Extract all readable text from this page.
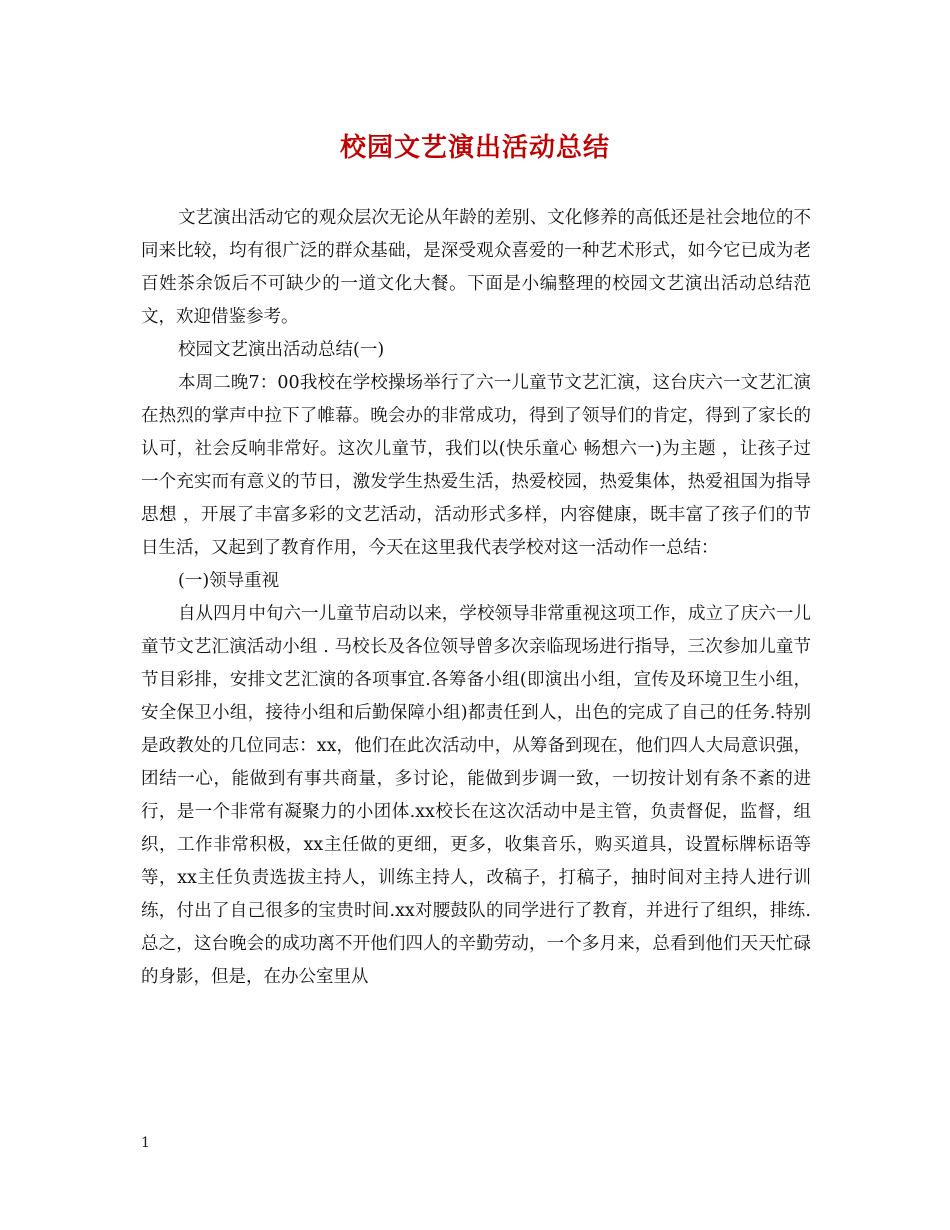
校园文艺演出活动总结

文艺演出活动它的观众层次无论从年龄的差别、文化修养的高低还是社会地位的不同来比较，均有很广泛的群众基础，是深受观众喜爱的一种艺术形式，如今它已成为老百姓茶余饭后不可缺少的一道文化大餐。下面是小编整理的校园文艺演出活动总结范文，欢迎借鉴参考。

校园文艺演出活动总结(一)

本周二晚7：00我校在学校操场举行了六一儿童节文艺汇演，这台庆六一文艺汇演在热烈的掌声中拉下了帷幕。晚会办的非常成功，得到了领导们的肯定，得到了家长的认可，社会反响非常好。这次儿童节，我们以(快乐童心 畅想六一)为主题 ，让孩子过一个充实而有意义的节日，激发学生热爱生活，热爱校园，热爱集体，热爱祖国为指导思想 ，开展了丰富多彩的文艺活动，活动形式多样，内容健康，既丰富了孩子们的节日生活，又起到了教育作用，今天在这里我代表学校对这一活动作一总结：

(一)领导重视

自从四月中旬六一儿童节启动以来，学校领导非常重视这项工作，成立了庆六一儿童节文艺汇演活动小组 . 马校长及各位领导曾多次亲临现场进行指导，三次参加儿童节节目彩排，安排文艺汇演的各项事宜.各筹备小组(即演出小组，宣传及环境卫生小组，安全保卫小组，接待小组和后勤保障小组)都责任到人，出色的完成了自己的任务.特别是政教处的几位同志：xx，他们在此次活动中，从筹备到现在，他们四人大局意识强，团结一心，能做到有事共商量，多讨论，能做到步调一致，一切按计划有条不紊的进行，是一个非常有凝聚力的小团体.xx校长在这次活动中是主管，负责督促，监督，组织，工作非常积极，xx主任做的更细，更多，收集音乐，购买道具，设置标牌标语等等，xx主任负责选拔主持人，训练主持人，改稿子，打稿子，抽时间对主持人进行训练，付出了自己很多的宝贵时间.xx对腰鼓队的同学进行了教育，并进行了组织，排练.总之，这台晚会的成功离不开他们四人的辛勤劳动，一个多月来，总看到他们天天忙碌的身影，但是，在办公室里从

1
